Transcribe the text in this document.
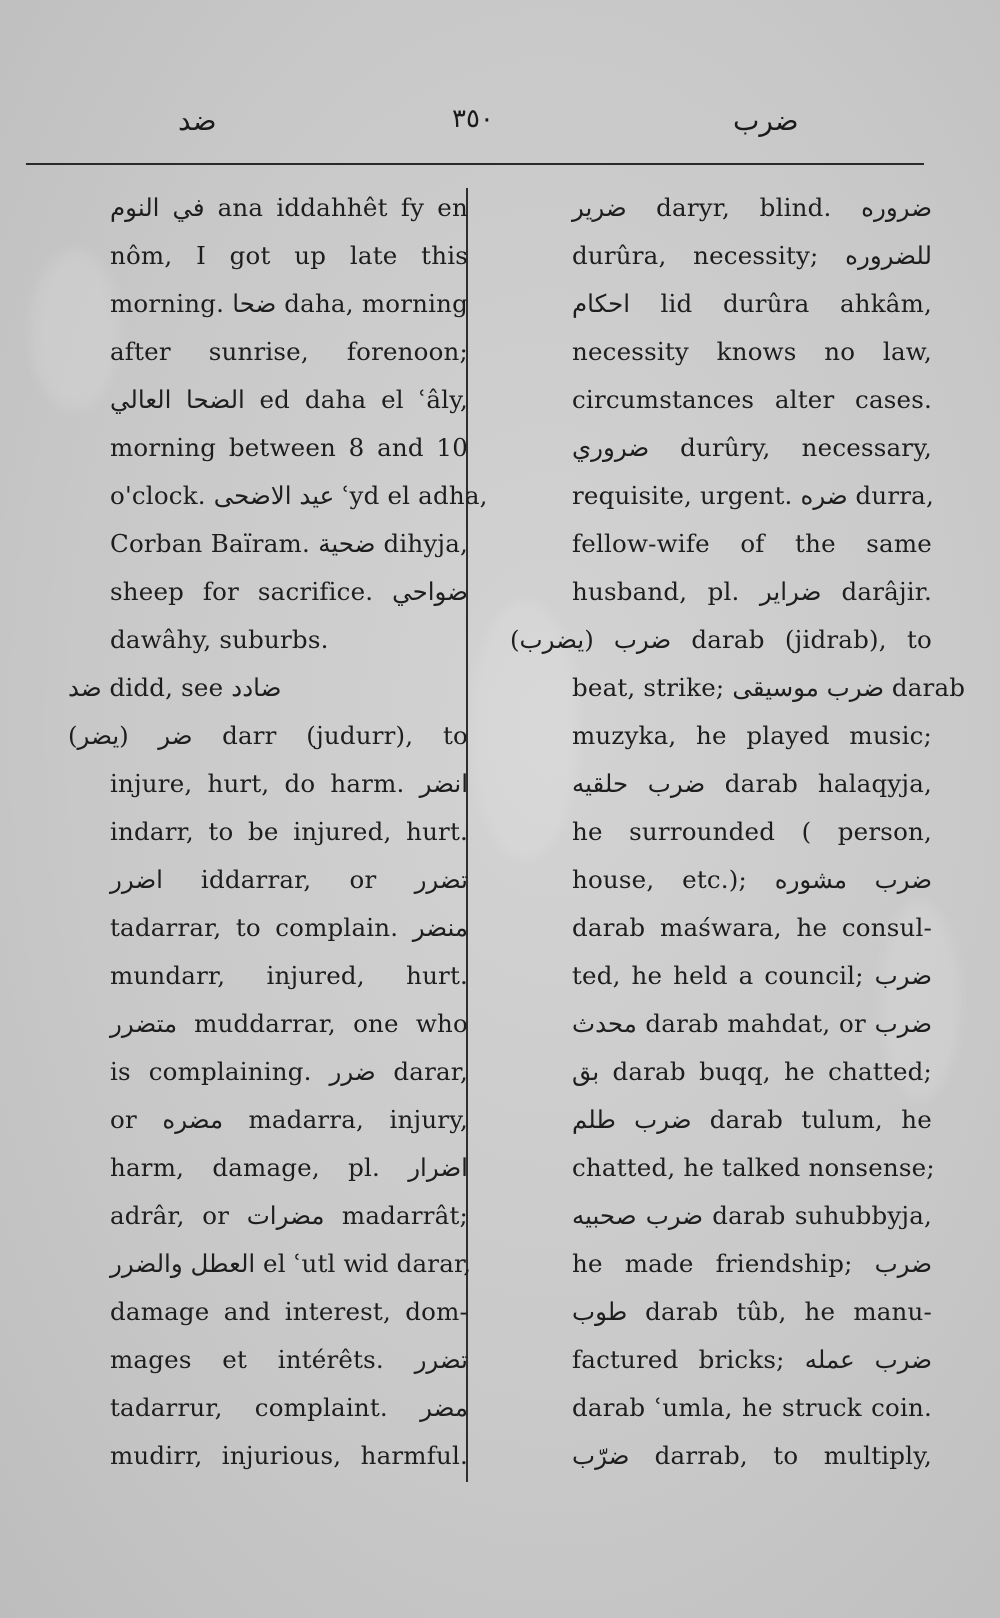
ضد	٣٥٠	ضرب
في النوم ana iddahhêt fy en
nôm, I got up late this
morning. ضحا daha, morning
after sunrise, forenoon;
الضحا العالي ed daha el ʿâly,
morning between 8 and 10
o'clock. عيد الاضحى ʿyd el adha,
Corban Baïram. ضحية dihyja,
sheep for sacrifice. ضواحي
dawâhy, suburbs.
ضد didd, see ضادد
ضر (يضر) darr (judurr), to
injure, hurt, do harm. انضر
indarr, to be injured, hurt.
اضرر iddarrar, or تضرر
tadarrar, to complain. منضر
mundarr, injured, hurt.
متضرر muddarrar, one who
is complaining. ضرر darar,
or مضره madarra, injury,
harm, damage, pl. اضرار
adrâr, or مضرات madarrât;
العطل والضرر el ʿutl wid darar,
damage and interest, dom-
mages et intérêts. تضرر
tadarrur, complaint. مضر
mudirr, injurious, harmful.
ضرير daryr, blind. ضروره
durûra, necessity; للضروره
احكام lid durûra ahkâm,
necessity knows no law,
circumstances alter cases.
ضروري durûry, necessary,
requisite, urgent. ضره durra,
fellow-wife of the same
husband, pl. ضراير darâjir.
ضرب (يضرب) darab (jidrab), to
beat, strike; ضرب موسيقى darab
muzyka, he played music;
ضرب حلقيه darab halaqyja,
he surrounded ( person,
house, etc.); ضرب مشوره
darab maśwara, he consul-
ted, he held a council; ضرب
محدث darab mahdat, or ضرب
بق darab buqq, he chatted;
ضرب طلم darab tulum, he
chatted, he talked nonsense;
ضرب صحبيه darab suhubbyja,
he made friendship; ضرب
طوب darab tûb, he manu-
factured bricks; ضرب عمله
darab ʿumla, he struck coin.
ضرّب darrab, to multiply,
